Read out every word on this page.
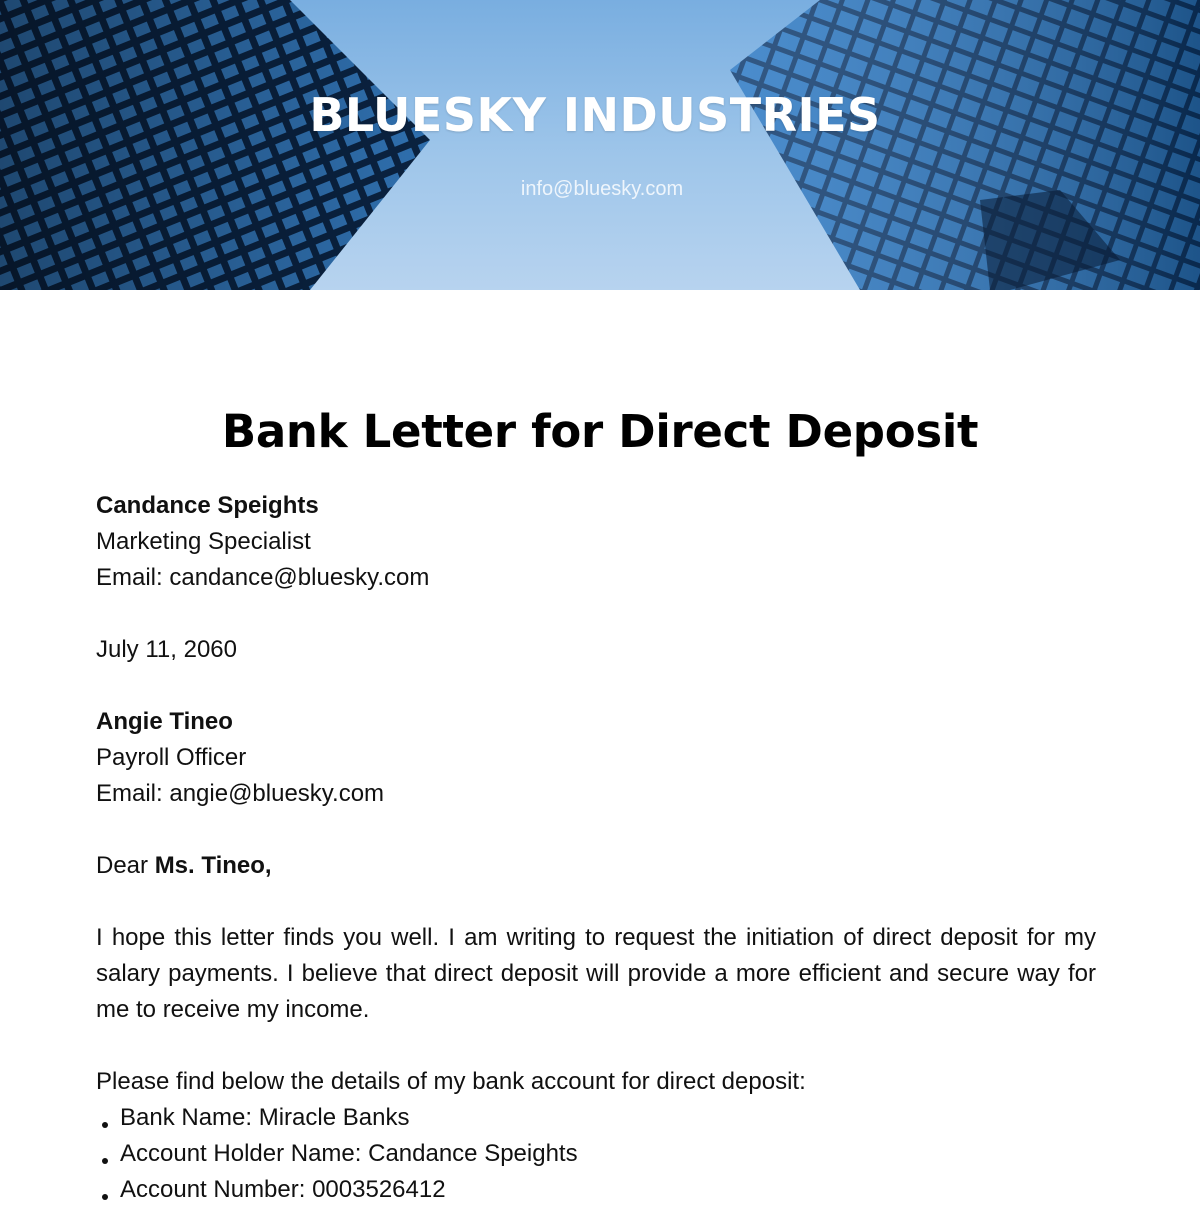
BLUESKY INDUSTRIES
info@bluesky.com
Bank Letter for Direct Deposit

Candance Speights

Marketing Specialist

Email: candance@bluesky.com

July 11, 2060

Angie Tineo

Payroll Officer

Email: angie@bluesky.com

Dear Ms. Tineo,

I hope this letter finds you well. I am writing to request the initiation of direct deposit for my salary payments. I believe that direct deposit will provide a more efficient and secure way for me to receive my income.

Please find below the details of my bank account for direct deposit:

Bank Name: Miracle Banks
Account Holder Name: Candance Speights
Account Number: 0003526412
